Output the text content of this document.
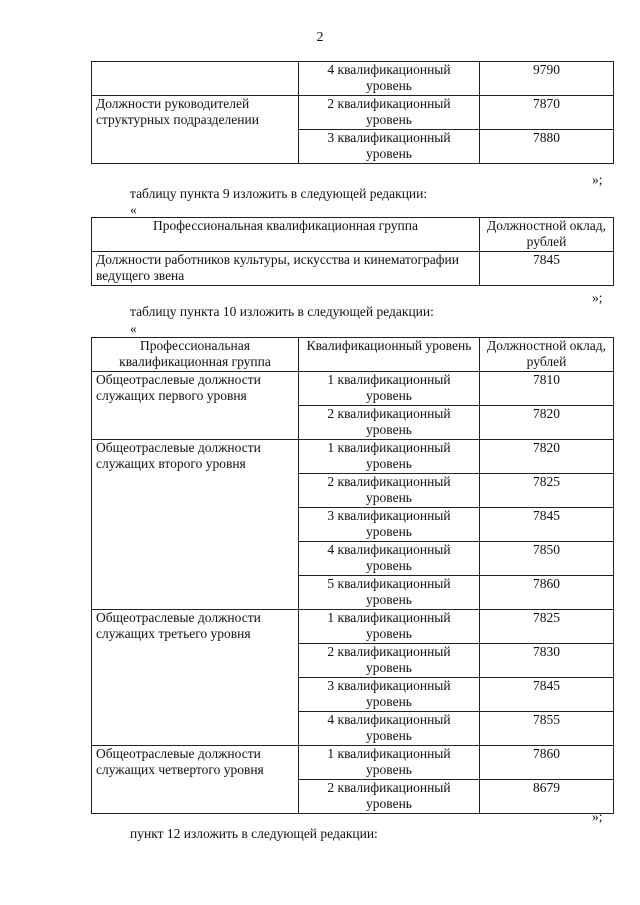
2
	4 квалификационный уровень	9790
Должности руководителей структурных подразделении	2 квалификационный уровень	7870
	3 квалификационный уровень	7880
»;
таблицу пункта 9 изложить в следующей редакции:
«
Профессиональная квалификационная группа	Должностной оклад, рублей
Должности работников культуры, искусства и кинематографии ведущего звена	7845
»;
таблицу пункта 10 изложить в следующей редакции:
«
Профессиональная квалификационная группа	Квалификационный уровень	Должностной оклад, рублей
Общеотраслевые должности служащих первого уровня	1 квалификационный уровень	7810
	2 квалификационный уровень	7820
Общеотраслевые должности служащих второго уровня	1 квалификационный уровень	7820
	2 квалификационный уровень	7825
	3 квалификационный уровень	7845
	4 квалификационный уровень	7850
	5 квалификационный уровень	7860
Общеотраслевые должности служащих третьего уровня	1 квалификационный уровень	7825
	2 квалификационный уровень	7830
	3 квалификационный уровень	7845
	4 квалификационный уровень	7855
Общеотраслевые должности служащих четвертого уровня	1 квалификационный уровень	7860
	2 квалификационный уровень	8679
»;
пункт 12 изложить в следующей редакции:
